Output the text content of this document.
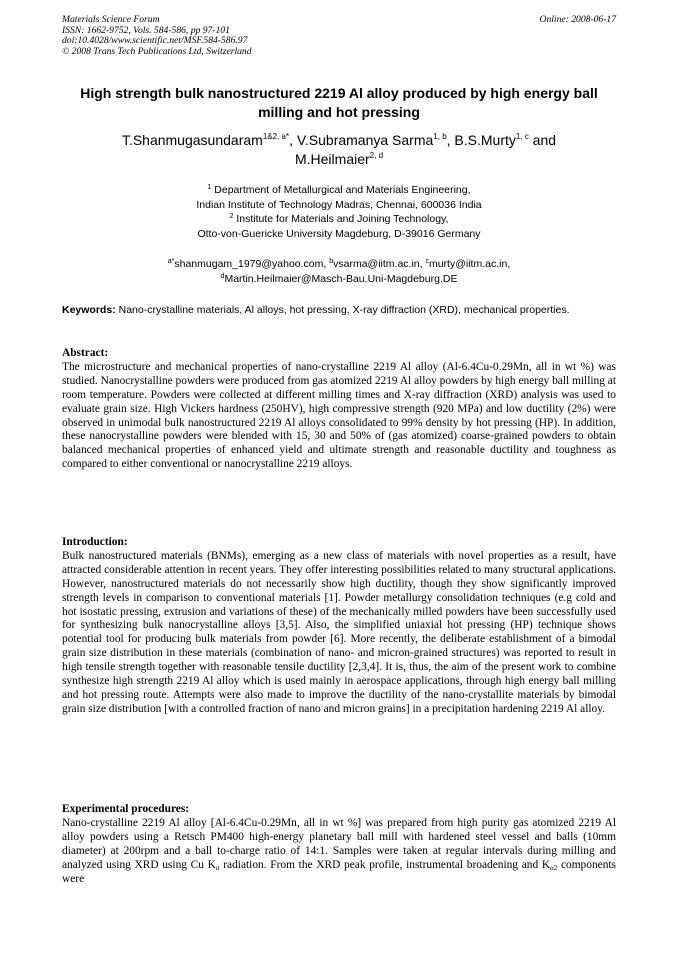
Online: 2008-06-17
Materials Science Forum
ISSN: 1662-9752, Vols. 584-586, pp 97-101
doi:10.4028/www.scientific.net/MSF.584-586.97
© 2008 Trans Tech Publications Ltd, Switzerland
High strength bulk nanostructured 2219 Al alloy produced by high energy ball milling and hot pressing
T.Shanmugasundaram$^{1\&2, a*}$, V.Subramanya Sarma$^{1, b}$, B.S.Murty$^{1, c}$ and
M.Heilmaier$^{2, d}$
$^1$ Department of Metallurgical and Materials Engineering,
Indian Institute of Technology Madras, Chennai, 600036 India
$^2$ Institute for Materials and Joining Technology,
Otto-von-Guericke University Magdeburg, D-39016 Germany
$^{a*}$shanmugam_1979@yahoo.com, $^b$vsarma@iitm.ac.in, $^c$murty@iitm.ac.in,
$^d$Martin.Heilmaier@Masch-Bau.Uni-Magdeburg.DE
Keywords: Nano-crystalline materials, Al alloys, hot pressing, X-ray diffraction (XRD), mechanical properties.
Abstract:

The microstructure and mechanical properties of nano-crystalline 2219 Al alloy (Al-6.4Cu-0.29Mn, all in wt %) was studied. Nanocrystalline powders were produced from gas atomized 2219 Al alloy powders by high energy ball milling at room temperature. Powders were collected at different milling times and X-ray diffraction (XRD) analysis was used to evaluate grain size. High Vickers hardness (250HV), high compressive strength (920 MPa) and low ductility (2%) were observed in unimodal bulk nanostructured 2219 Al alloys consolidated to 99% density by hot pressing (HP). In addition, these nanocrystalline powders were blended with 15, 30 and 50% of (gas atomized) coarse-grained powders to obtain balanced mechanical properties of enhanced yield and ultimate strength and reasonable ductility and toughness as compared to either conventional or nanocrystalline 2219 alloys.

Introduction:

Bulk nanostructured materials (BNMs), emerging as a new class of materials with novel properties as a result, have attracted considerable attention in recent years. They offer interesting possibilities related to many structural applications. However, nanostructured materials do not necessarily show high ductility, though they show significantly improved strength levels in comparison to conventional materials [1]. Powder metallurgy consolidation techniques (e.g cold and hot isostatic pressing, extrusion and variations of these) of the mechanically milled powders have been successfully used for synthesizing bulk nanocrystalline alloys [3,5]. Also, the simplified uniaxial hot pressing (HP) technique shows potential tool for producing bulk materials from powder [6]. More recently, the deliberate establishment of a bimodal grain size distribution in these materials (combination of nano- and micron-grained structures) was reported to result in high tensile strength together with reasonable tensile ductility [2,3,4]. It is, thus, the aim of the present work to combine synthesize high strength 2219 Al alloy which is used mainly in aerospace applications, through high energy ball milling and hot pressing route. Attempts were also made to improve the ductility of the nano-crystallite materials by bimodal grain size distribution [with a controlled fraction of nano and micron grains] in a precipitation hardening 2219 Al alloy.

Experimental procedures:

Nano-crystalline 2219 Al alloy [Al-6.4Cu-0.29Mn, all in wt %] was prepared from high purity gas atomized 2219 Al alloy powders using a Retsch PM400 high-energy planetary ball mill with hardened steel vessel and balls (10mm diameter) at 200rpm and a ball to-charge ratio of 14:1. Samples were taken at regular intervals during milling and analyzed using XRD using Cu $K_\alpha$ radiation. From the XRD peak profile, instrumental broadening and $K_{\alpha 2}$ components were
